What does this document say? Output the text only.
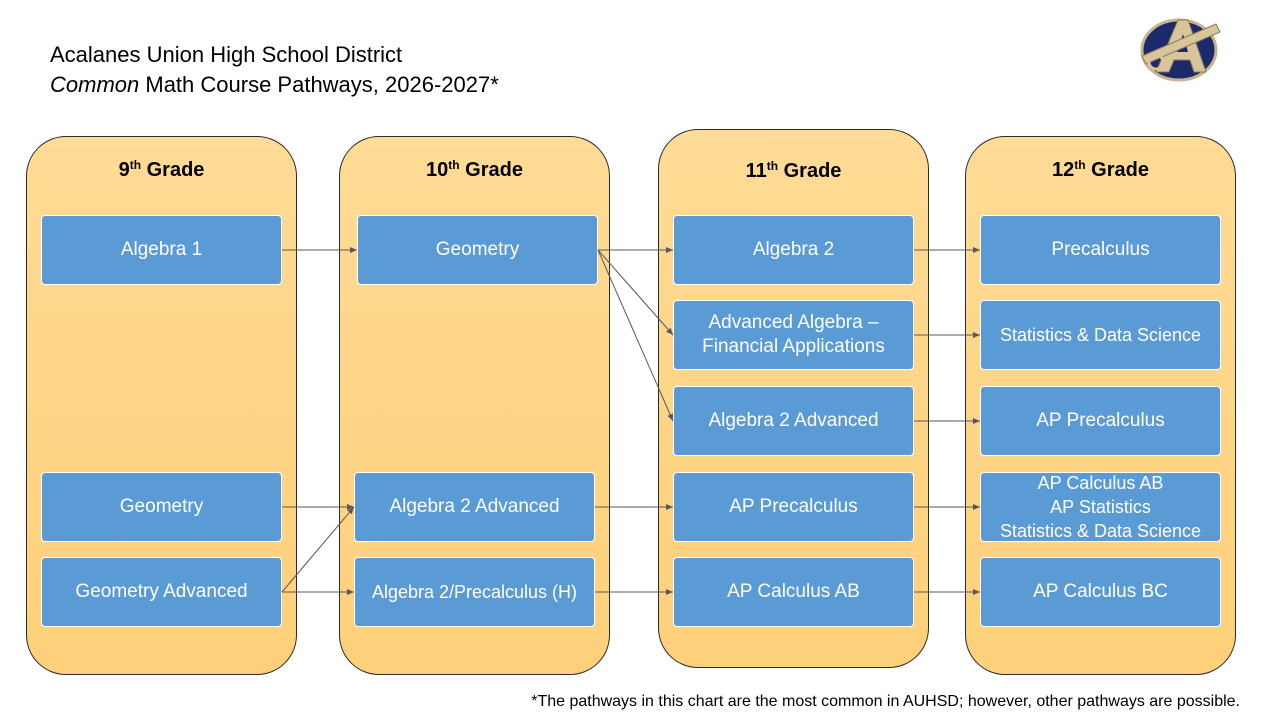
Acalanes Union High School District
Common Math Course Pathways, 2026-2027*
9th Grade	10th Grade	11th Grade	12th Grade
Algebra 1
Geometry
Geometry Advanced
Geometry
Algebra 2 Advanced
Algebra 2/Precalculus (H)
Algebra 2
Advanced Algebra –
Financial Applications
Algebra 2 Advanced
AP Precalculus
AP Calculus AB
Precalculus
Statistics & Data Science
AP Precalculus
AP Calculus AB
AP Statistics
Statistics & Data Science
AP Calculus BC
*The pathways in this chart are the most common in AUHSD; however, other pathways are possible.
